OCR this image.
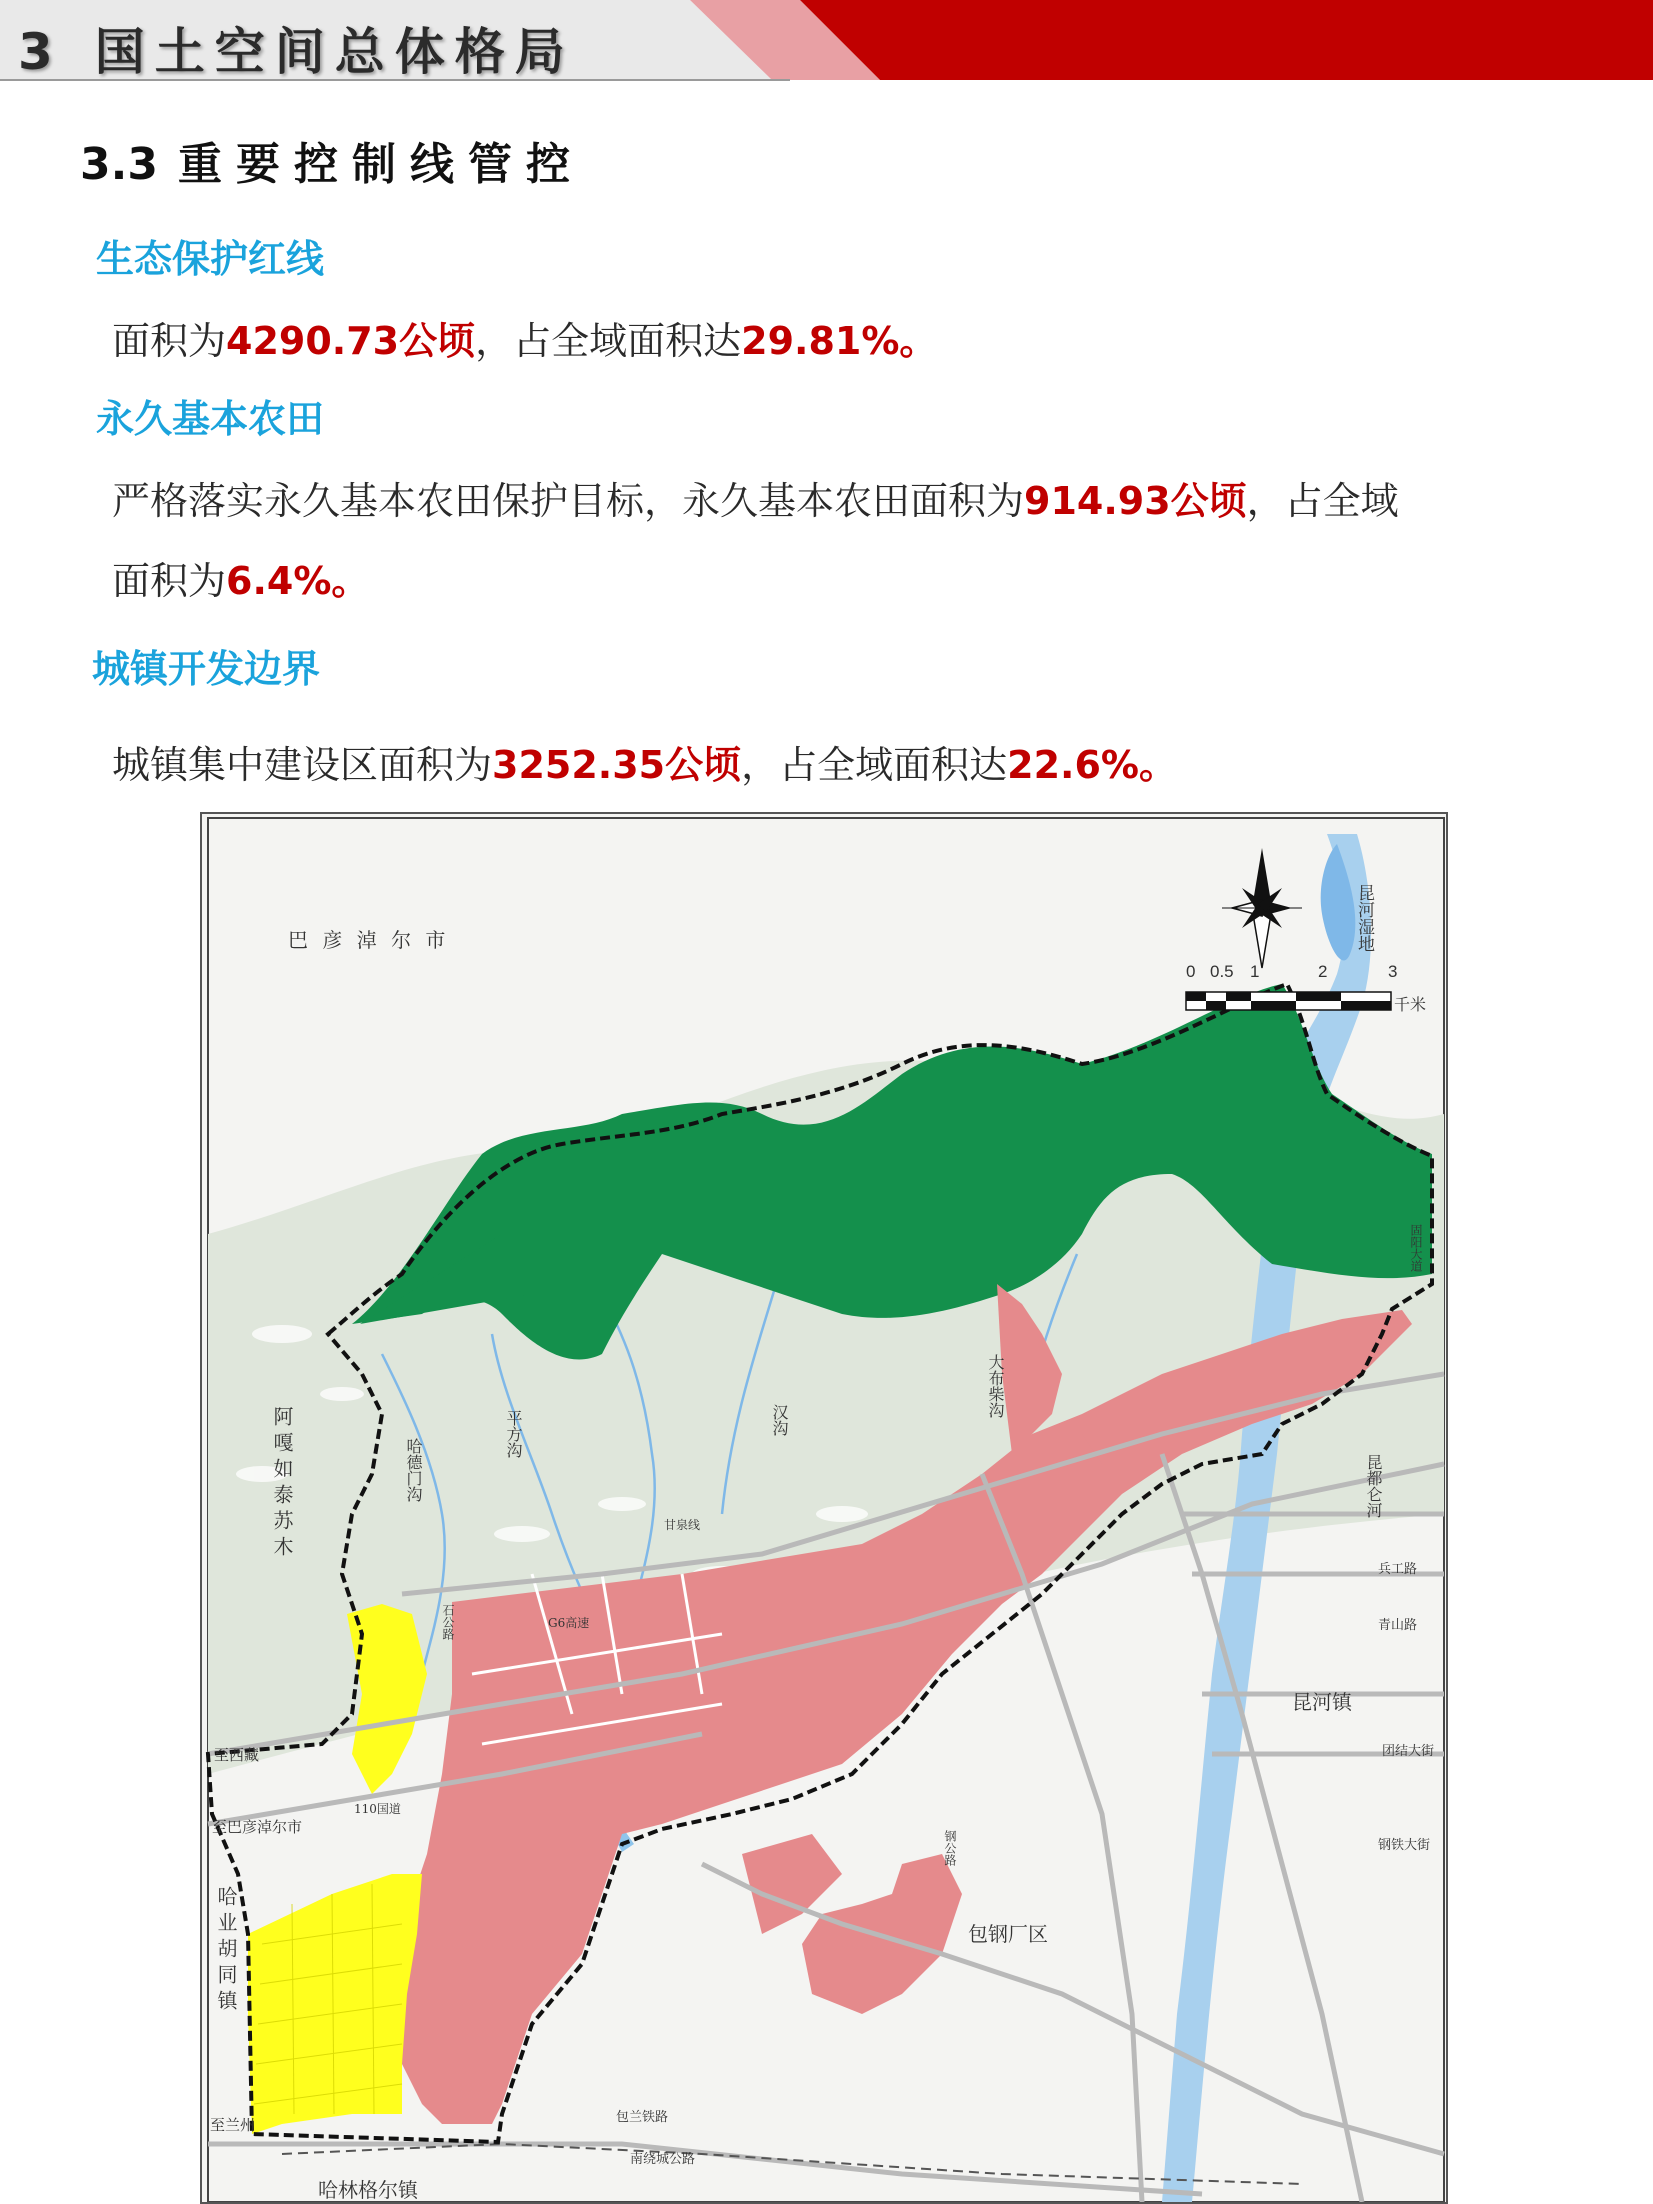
3 国土空间总体格局
3.3 重要控制线管控
生态保护红线
面积为4290.73公顷，占全域面积达29.81%。
永久基本农田
严格落实永久基本农田保护目标，永久基本农田面积为914.93公顷，占全域
面积为6.4%。
城镇开发边界
城镇集中建设区面积为3252.35公顷，占全域面积达22.6%。
0 0.5 1	2	3
千米
巴 彦 淖 尔 市	昆河湿地
阿嘎如泰苏木	哈德门沟
平方沟	汉沟
大布柴沟
昆都仑河
固阳大道
甘泉线
G6高速
石公路
兵工路
青山路
昆河镇
团结大街
钢铁大街
至西藏
至巴彦淖尔市
110国道
哈业胡同镇	包钢厂区
钢公路
包兰铁路
至兰州
南绕城公路
哈林格尔镇
